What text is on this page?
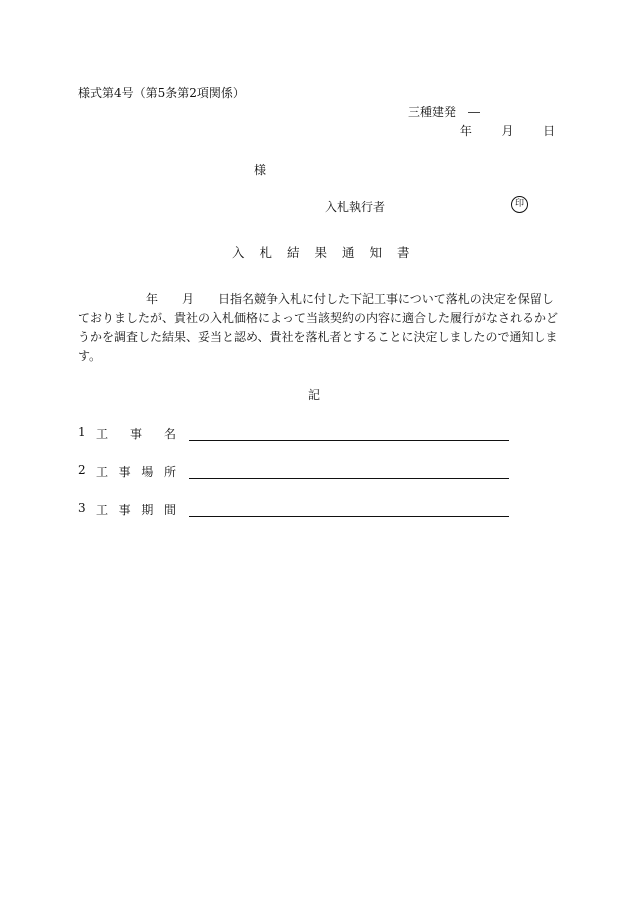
様式第4号（第5条第2項関係）
三種建発　―
年 月 日
様
入札執行者	印
入札結果通知書
年 月 日指名競争入札に付した下記工事について落札の決定を保留し
ておりましたが、貴社の入札価格によって当該契約の内容に適合した履行がなされるかど
うかを調査した結果、妥当と認め、貴社を落札者とすることに決定しましたので通知しま
す。
記
1 工 事 名
2 工 事 場 所
3 工 事 期 間
